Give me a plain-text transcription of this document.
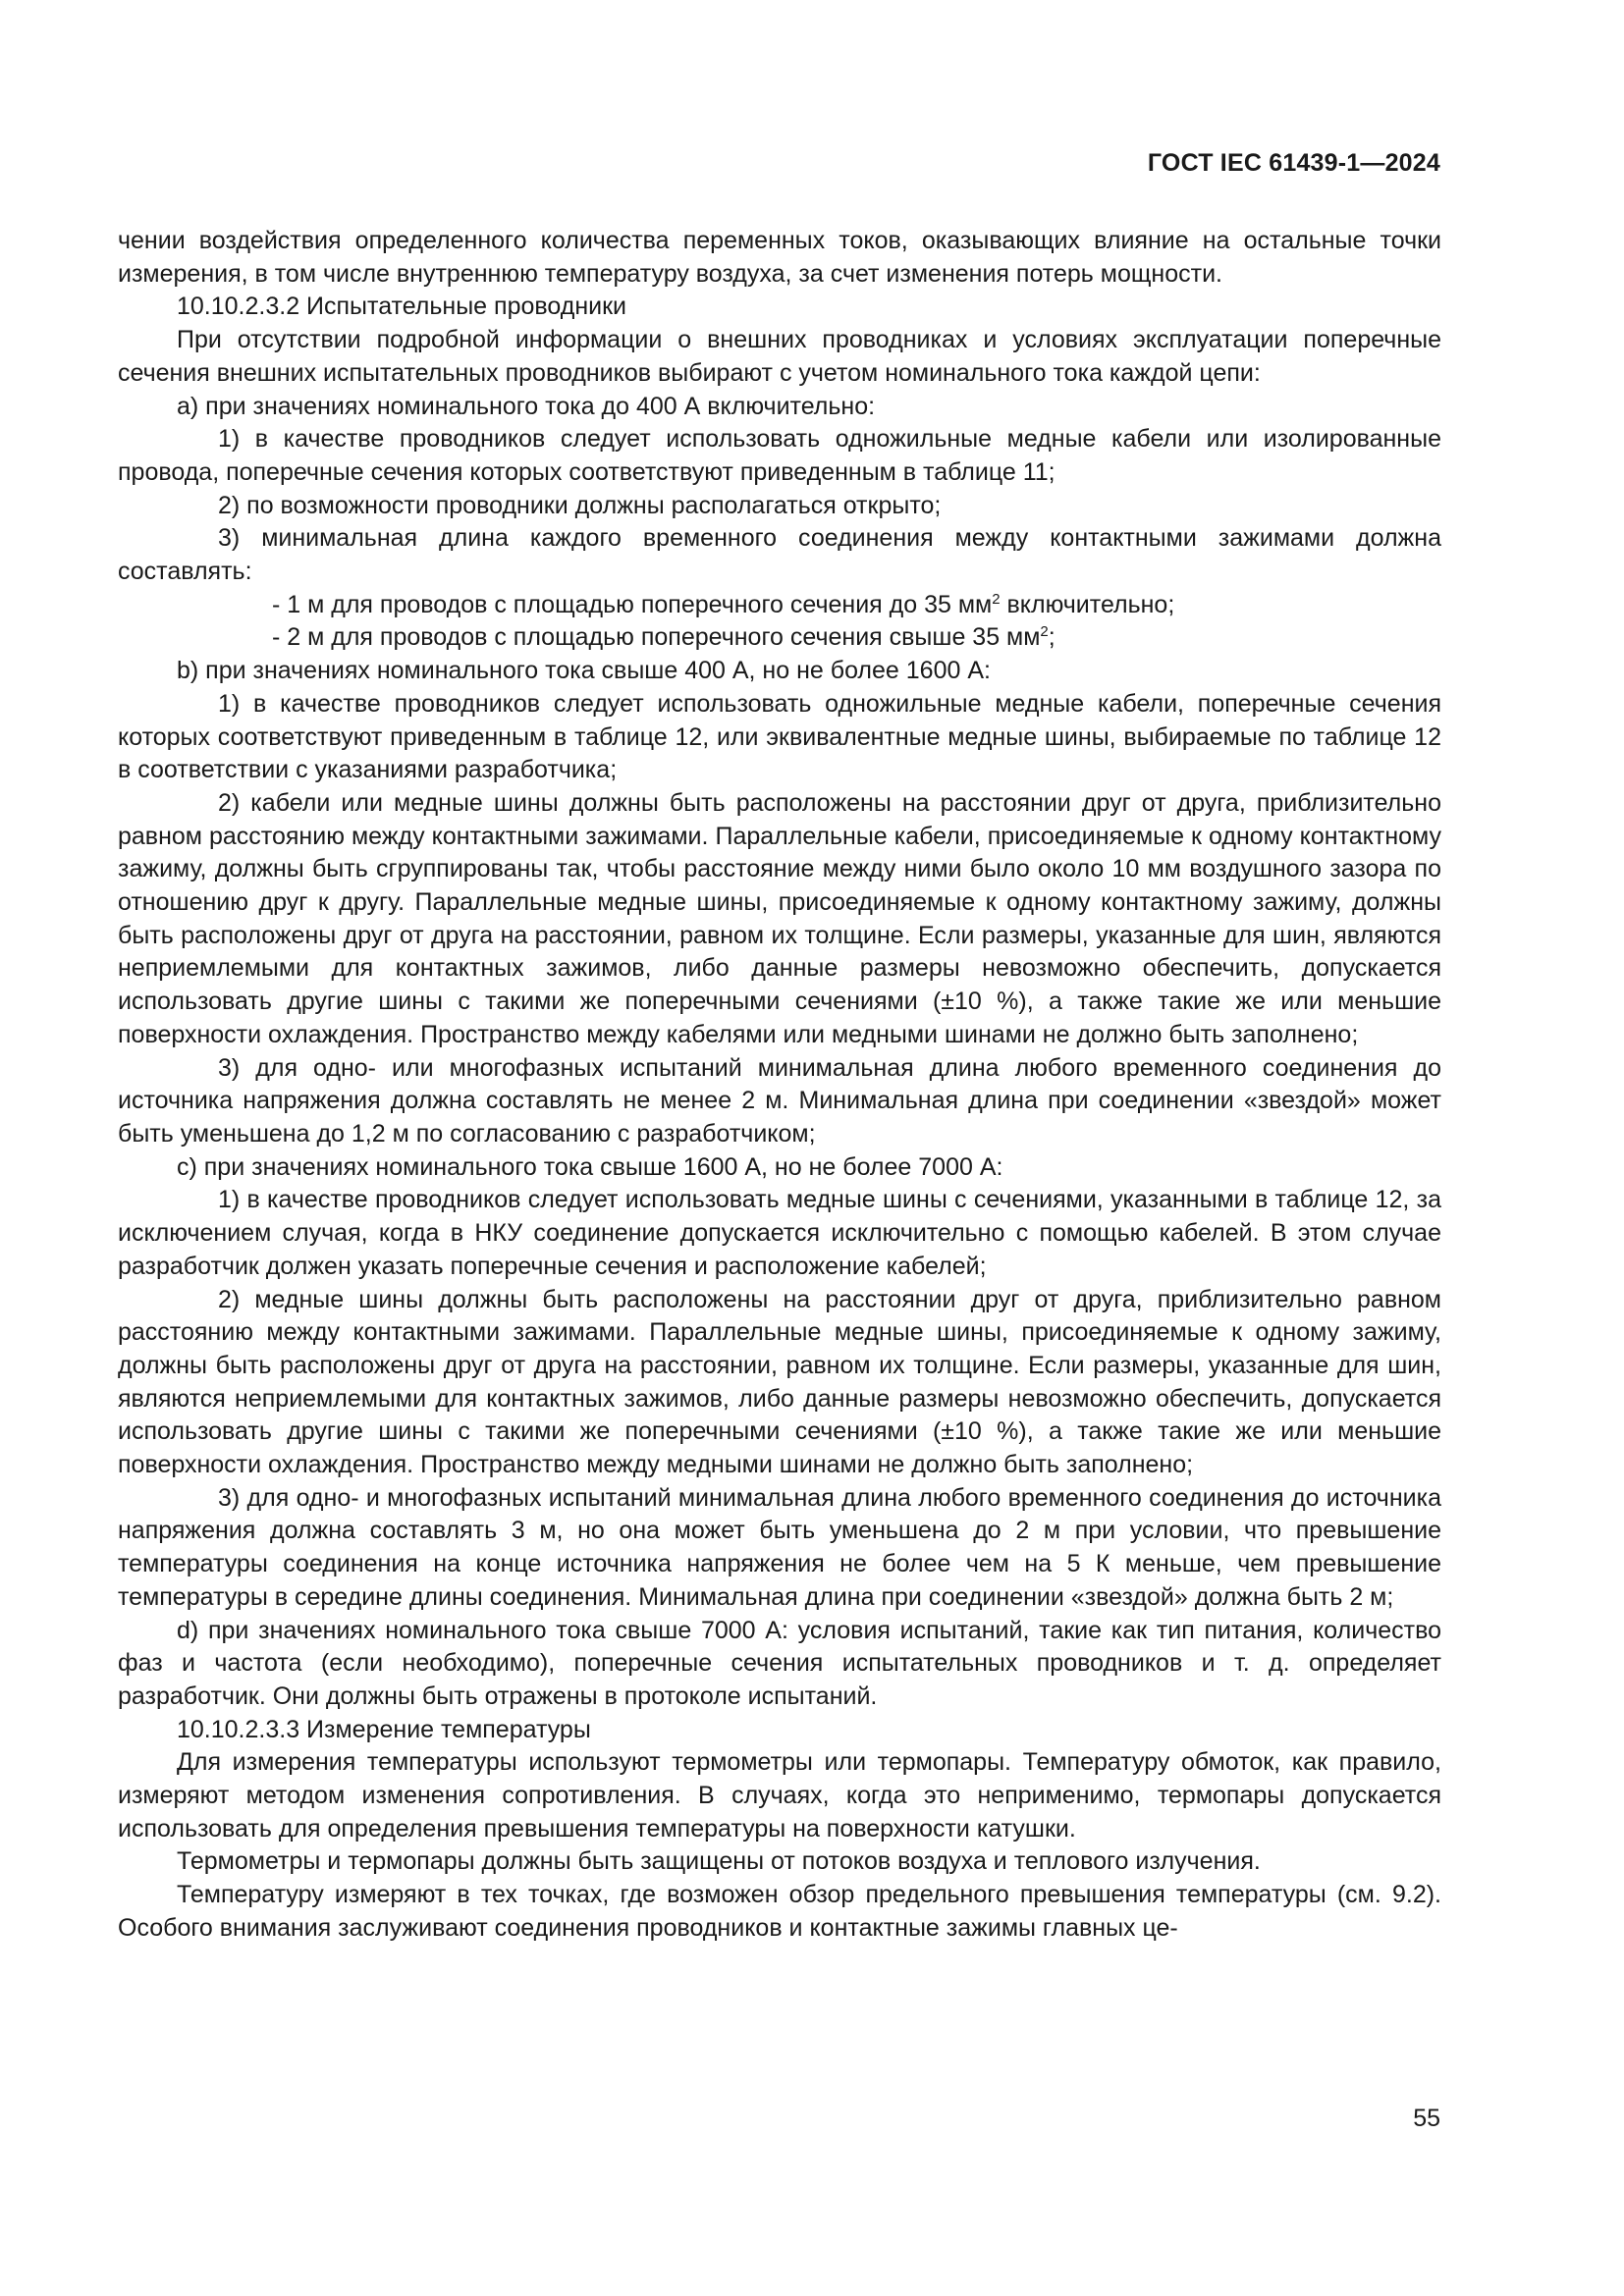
ГОСТ IEC 61439-1—2024

чении воздействия определенного количества переменных токов, оказывающих влияние на остальные точки измерения, в том числе внутреннюю температуру воздуха, за счет изменения потерь мощности.

10.10.2.3.2 Испытательные проводники

При отсутствии подробной информации о внешних проводниках и условиях эксплуатации поперечные сечения внешних испытательных проводников выбирают с учетом номинального тока каждой цепи:

а) при значениях номинального тока до 400 А включительно:

1) в качестве проводников следует использовать одножильные медные кабели или изолированные провода, поперечные сечения которых соответствуют приведенным в таблице 11;

2) по возможности проводники должны располагаться открыто;

3) минимальная длина каждого временного соединения между контактными зажимами должна составлять:

- 1 м для проводов с площадью поперечного сечения до 35 $мм^2$ включительно;

- 2 м для проводов с площадью поперечного сечения свыше 35 $мм^2$;

b) при значениях номинального тока свыше 400 А, но не более 1600 А:

1) в качестве проводников следует использовать одножильные медные кабели, поперечные сечения которых соответствуют приведенным в таблице 12, или эквивалентные медные шины, выбираемые по таблице 12 в соответствии с указаниями разработчика;

2) кабели или медные шины должны быть расположены на расстоянии друг от друга, приблизительно равном расстоянию между контактными зажимами. Параллельные кабели, присоединяемые к одному контактному зажиму, должны быть сгруппированы так, чтобы расстояние между ними было около 10 мм воздушного зазора по отношению друг к другу. Параллельные медные шины, присоединяемые к одному контактному зажиму, должны быть расположены друг от друга на расстоянии, равном их толщине. Если размеры, указанные для шин, являются неприемлемыми для контактных зажимов, либо данные размеры невозможно обеспечить, допускается использовать другие шины с такими же поперечными сечениями (±10 %), а также такие же или меньшие поверхности охлаждения. Пространство между кабелями или медными шинами не должно быть заполнено;

3) для одно- или многофазных испытаний минимальная длина любого временного соединения до источника напряжения должна составлять не менее 2 м. Минимальная длина при соединении «звездой» может быть уменьшена до 1,2 м по согласованию с разработчиком;

с) при значениях номинального тока свыше 1600 А, но не более 7000 А:

1) в качестве проводников следует использовать медные шины с сечениями, указанными в таблице 12, за исключением случая, когда в НКУ соединение допускается исключительно с помощью кабелей. В этом случае разработчик должен указать поперечные сечения и расположение кабелей;

2) медные шины должны быть расположены на расстоянии друг от друга, приблизительно равном расстоянию между контактными зажимами. Параллельные медные шины, присоединяемые к одному зажиму, должны быть расположены друг от друга на расстоянии, равном их толщине. Если размеры, указанные для шин, являются неприемлемыми для контактных зажимов, либо данные размеры невозможно обеспечить, допускается использовать другие шины с такими же поперечными сечениями (±10 %), а также такие же или меньшие поверхности охлаждения. Пространство между медными шинами не должно быть заполнено;

3) для одно- и многофазных испытаний минимальная длина любого временного соединения до источника напряжения должна составлять 3 м, но она может быть уменьшена до 2 м при условии, что превышение температуры соединения на конце источника напряжения не более чем на 5 К меньше, чем превышение температуры в середине длины соединения. Минимальная длина при соединении «звездой» должна быть 2 м;

d) при значениях номинального тока свыше 7000 А: условия испытаний, такие как тип питания, количество фаз и частота (если необходимо), поперечные сечения испытательных проводников и т. д. определяет разработчик. Они должны быть отражены в протоколе испытаний.

10.10.2.3.3 Измерение температуры

Для измерения температуры используют термометры или термопары. Температуру обмоток, как правило, измеряют методом изменения сопротивления. В случаях, когда это неприменимо, термопары допускается использовать для определения превышения температуры на поверхности катушки.

Термометры и термопары должны быть защищены от потоков воздуха и теплового излучения.

Температуру измеряют в тех точках, где возможен обзор предельного превышения температуры (см. 9.2). Особого внимания заслуживают соединения проводников и контактные зажимы главных це-

55
